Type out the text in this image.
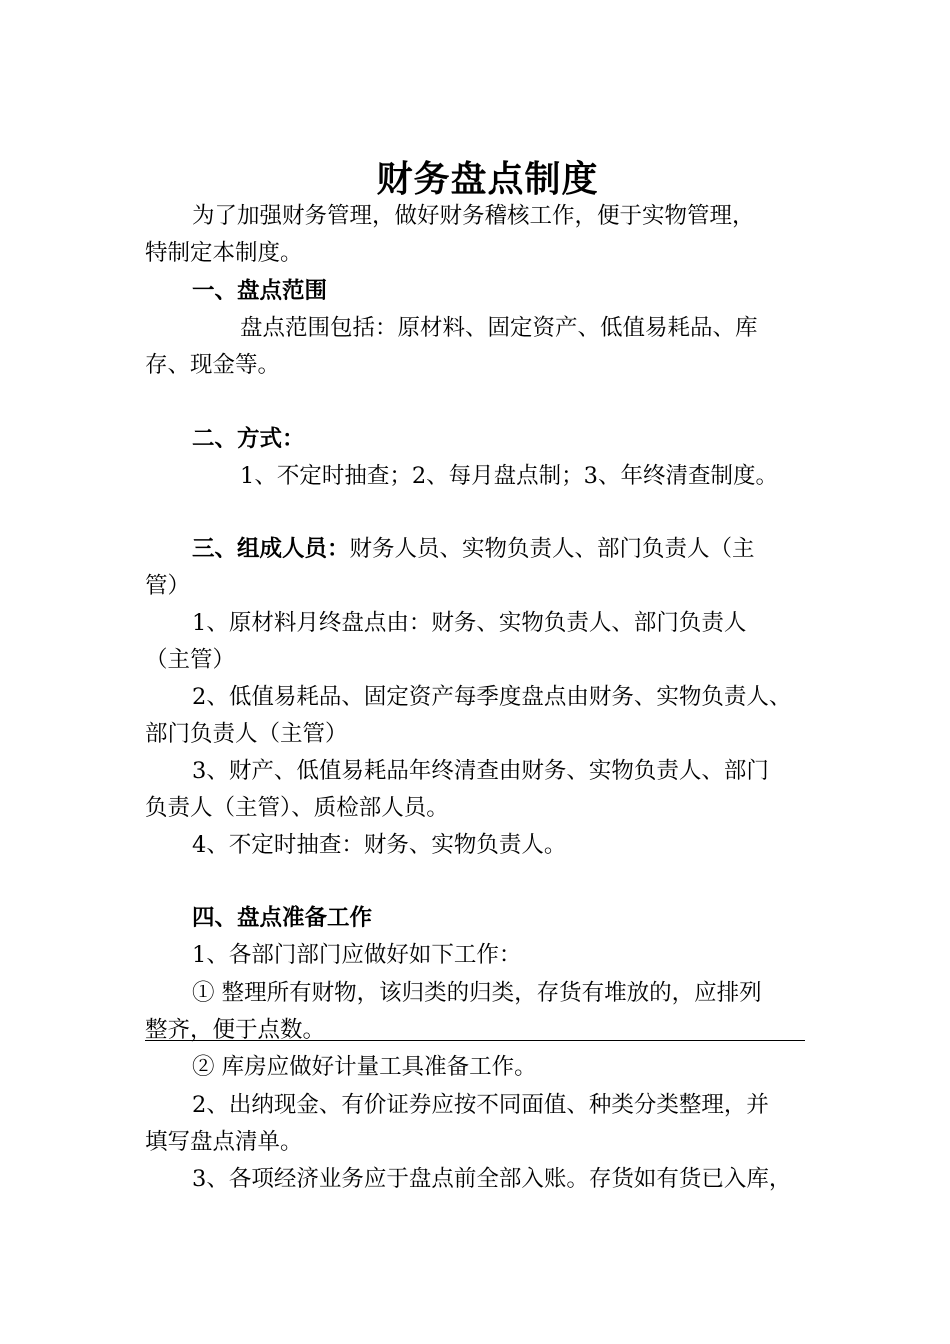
财务盘点制度
为了加强财务管理，做好财务稽核工作，便于实物管理，
特制定本制度。
一、盘点范围
盘点范围包括：原材料、固定资产、低值易耗品、库
存、现金等。
二、方式：
1、不定时抽查；2、每月盘点制；3、年终清查制度。
三、组成人员：财务人员、实物负责人、部门负责人（主
管）
1、原材料月终盘点由：财务、实物负责人、部门负责人
（主管）
2、低值易耗品、固定资产每季度盘点由财务、实物负责人、
部门负责人（主管）
3、财产、低值易耗品年终清查由财务、实物负责人、部门
负责人（主管）、质检部人员。
4、不定时抽查：财务、实物负责人。
四、盘点准备工作
1、各部门部门应做好如下工作：
① 整理所有财物，该归类的归类，存货有堆放的，应排列
整齐，便于点数。
② 库房应做好计量工具准备工作。
2、出纳现金、有价证券应按不同面值、种类分类整理，并
填写盘点清单。
3、各项经济业务应于盘点前全部入账。存货如有货已入库，
